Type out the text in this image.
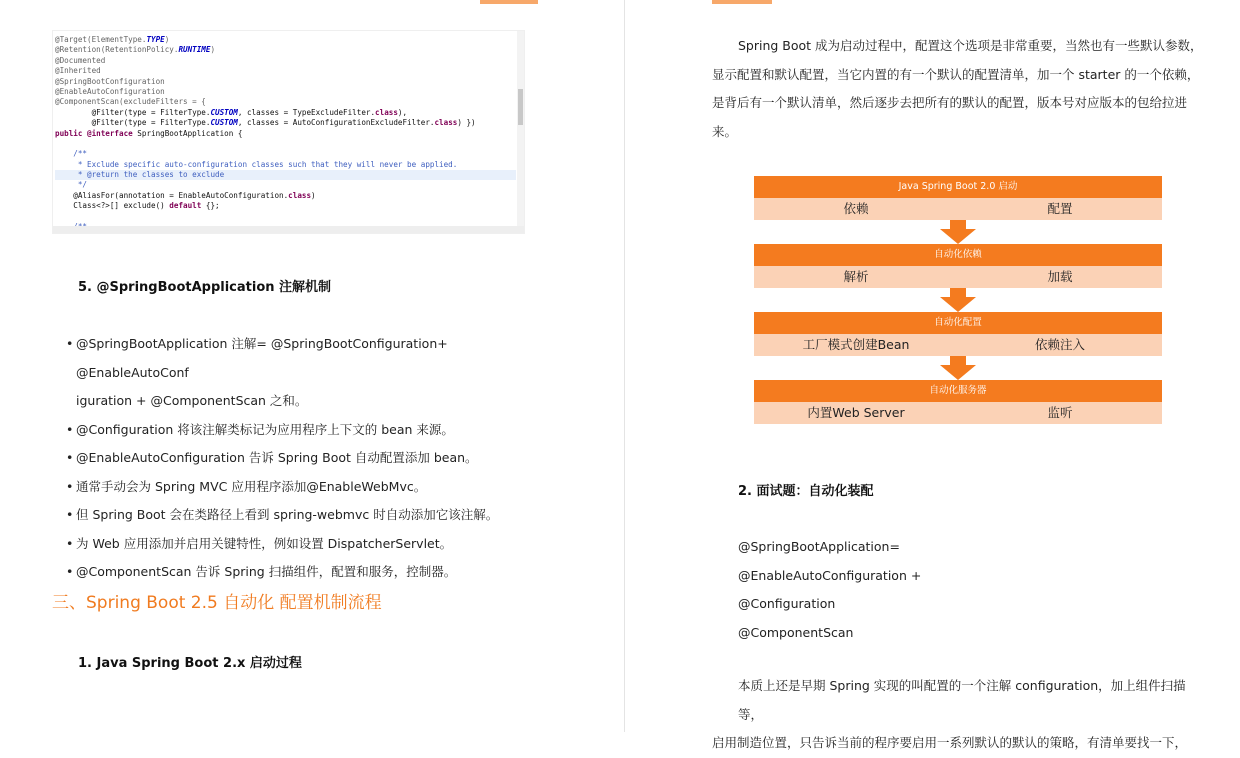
@Target(ElementType.TYPE)
@Retention(RetentionPolicy.RUNTIME)
@Documented
@Inherited
@SpringBootConfiguration
@EnableAutoConfiguration
@ComponentScan(excludeFilters = {
@Filter(type = FilterType.CUSTOM, classes = TypeExcludeFilter.class),
@Filter(type = FilterType.CUSTOM, classes = AutoConfigurationExcludeFilter.class) })
public @interface SpringBootApplication {
/**
* Exclude specific auto-configuration classes such that they will never be applied.
* @return the classes to exclude
*/
@AliasFor(annotation = EnableAutoConfiguration.class)
Class<?>[] exclude() default {};
5. @SpringBootApplication 注解机制
• @SpringBootApplication 注解= @SpringBootConfiguration+ @EnableAutoConf
iguration + @ComponentScan 之和。
• @Configuration 将该注解类标记为应用程序上下文的 bean 来源。
• @EnableAutoConfiguration 告诉 Spring Boot 自动配置添加 bean。
• 通常手动会为 Spring MVC 应用程序添加@EnableWebMvc。
• 但 Spring Boot 会在类路径上看到 spring-webmvc 时自动添加它该注解。
• 为 Web 应用添加并启用关键特性，例如设置 DispatcherServlet。
• @ComponentScan 告诉 Spring 扫描组件，配置和服务，控制器。
三、Spring Boot 2.5 自动化 配置机制流程
1. Java Spring Boot 2.x 启动过程
Spring Boot 成为启动过程中，配置这个选项是非常重要，当然也有一些默认参数，
显示配置和默认配置，当它内置的有一个默认的配置清单，加一个 starter 的一个依赖，
是背后有一个默认清单，然后逐步去把所有的默认的配置，版本号对应版本的包给拉进
来。
Java Spring Boot 2.0 启动
依赖	配置
自动化依赖
解析	加载
自动化配置
工厂模式创建Bean	依赖注入
自动化服务器
内置Web Server	监听
2. 面试题：自动化装配
@SpringBootApplication=
@EnableAutoConfiguration +
@Configuration
@ComponentScan
本质上还是早期 Spring 实现的叫配置的一个注解 configuration，加上组件扫描等，
启用制造位置，只告诉当前的程序要启用一系列默认的默认的策略，有清单要找一下，
